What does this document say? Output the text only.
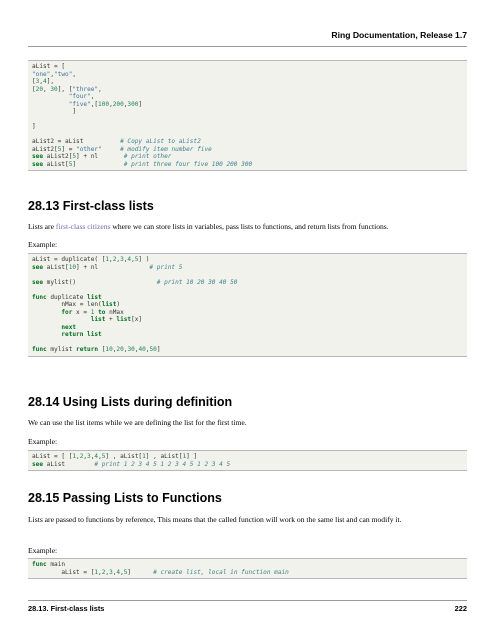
Ring Documentation, Release 1.7
aList = [
"one","two",
[3,4],
[20, 30], ["three",
"four",
"five",[100,200,300]
]
]
aList2 = aList          # Copy aList to aList2
aList2[5] = "other"	# modify item number five
see aList2[5] + nl       # print other
see aList[5]             # print three four five 100 200 300
28.13 First-class lists

Lists are first-class citizens where we can store lists in variables, pass lists to functions, and return lists from functions.

Example:

aList = duplicate( [1,2,3,4,5] )
see aList[10] + nl              # print 5
see mylist()                      # print 10 20 30 40 50
func duplicate list
nMax = len(list)
for x = 1 to nMax
list + list[x]
next
return list
func mylist return [10,20,30,40,50]
28.14 Using Lists during definition

We can use the list items while we are defining the list for the first time.

Example:

aList = [ [1,2,3,4,5] , aList[1] , aList[1] ]
see aList        # print 1 2 3 4 5 1 2 3 4 5 1 2 3 4 5
28.15 Passing Lists to Functions

Lists are passed to functions by reference, This means that the called function will work on the same list and can modify it.

Example:

func main
aList = [1,2,3,4,5]      # create list, local in function main
28.13. First-class lists	222
